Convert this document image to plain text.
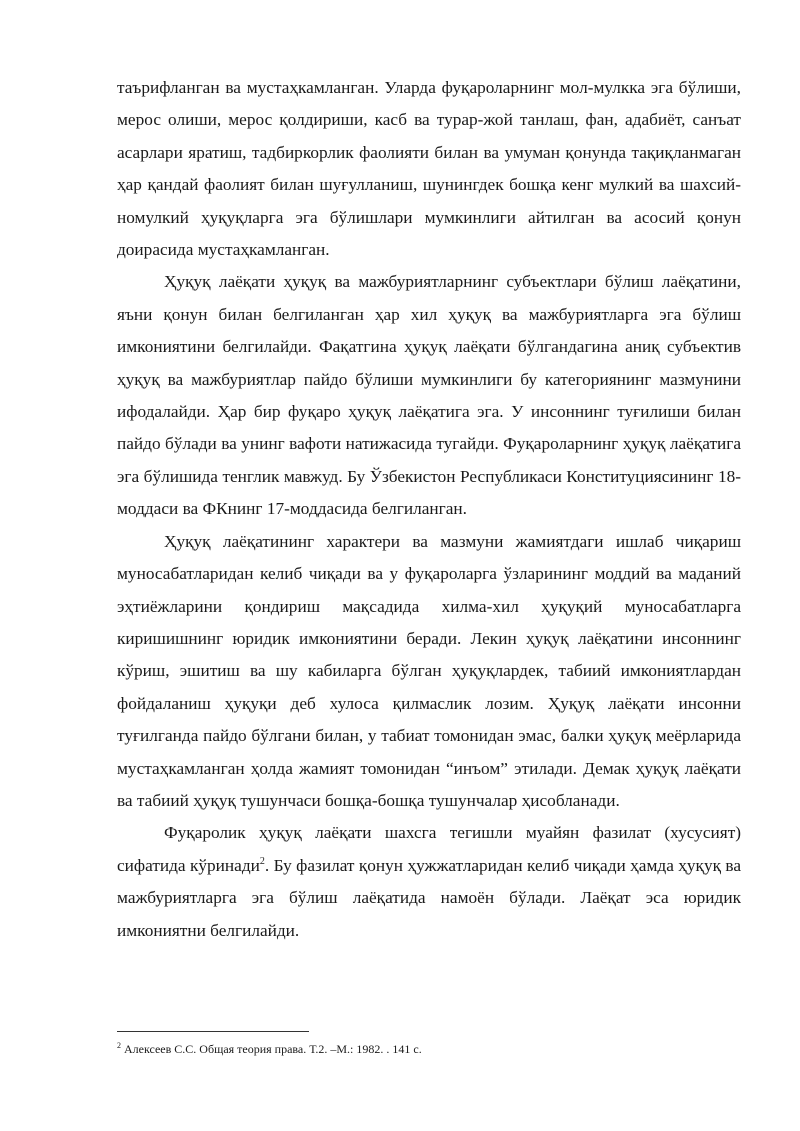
таърифланган ва мустаҳкамланган. Уларда фуқароларнинг мол-мулкка эга бўлиши, мерос олиши, мерос қолдириши, касб ва турар-жой танлаш, фан, адабиёт, санъат асарлари яратиш, тадбиркорлик фаолияти билан ва умуман қонунда тақиқланмаган ҳар қандай фаолият билан шуғулланиш, шунингдек бошқа кенг мулкий ва шахсий-номулкий ҳуқуқларга эга бўлишлари мумкинлиги айтилган ва асосий қонун доирасида мустаҳкамланган.

Ҳуқуқ лаёқати ҳуқуқ ва мажбуриятларнинг субъектлари бўлиш лаёқатини, яъни қонун билан белгиланган ҳар хил ҳуқуқ ва мажбуриятларга эга бўлиш имкониятини белгилайди. Фақатгина ҳуқуқ лаёқати бўлгандагина аниқ субъектив ҳуқуқ ва мажбуриятлар пайдо бўлиши мумкинлиги бу категориянинг мазмунини ифодалайди. Ҳар бир фуқаро ҳуқуқ лаёқатига эга. У инсоннинг туғилиши билан пайдо бўлади ва унинг вафоти натижасида тугайди. Фуқароларнинг ҳуқуқ лаёқатига эга бўлишида тенглик мавжуд. Бу Ўзбекистон Республикаси Конституциясининг 18-моддаси ва ФКнинг 17-моддасида белгиланган.

Ҳуқуқ лаёқатининг характери ва мазмуни жамиятдаги ишлаб чиқариш муносабатларидан келиб чиқади ва у фуқароларга ўзларининг моддий ва маданий эҳтиёжларини қондириш мақсадида хилма-хил ҳуқуқий муносабатларга киришишнинг юридик имкониятини беради. Лекин ҳуқуқ лаёқатини инсоннинг кўриш, эшитиш ва шу кабиларга бўлган ҳуқуқлардек, табиий имкониятлардан фойдаланиш ҳуқуқи деб хулоса қилмаслик лозим. Ҳуқуқ лаёқати инсонни туғилганда пайдо бўлгани билан, у табиат томонидан эмас, балки ҳуқуқ меёрларида мустаҳкамланган ҳолда жамият томонидан “инъом” этилади. Демак ҳуқуқ лаёқати ва табиий ҳуқуқ тушунчаси бошқа-бошқа тушунчалар ҳисобланади.

Фуқаролик ҳуқуқ лаёқати шахсга тегишли муайян фазилат (хусусият) сифатида кўринади$^2$. Бу фазилат қонун ҳужжатларидан келиб чиқади ҳамда ҳуқуқ ва мажбуриятларга эга бўлиш лаёқатида намоён бўлади. Лаёқат эса юридик имкониятни белгилайди.

$^2$ Алексеев С.С. Общая теория права. Т.2. –М.: 1982. . 141 с.
